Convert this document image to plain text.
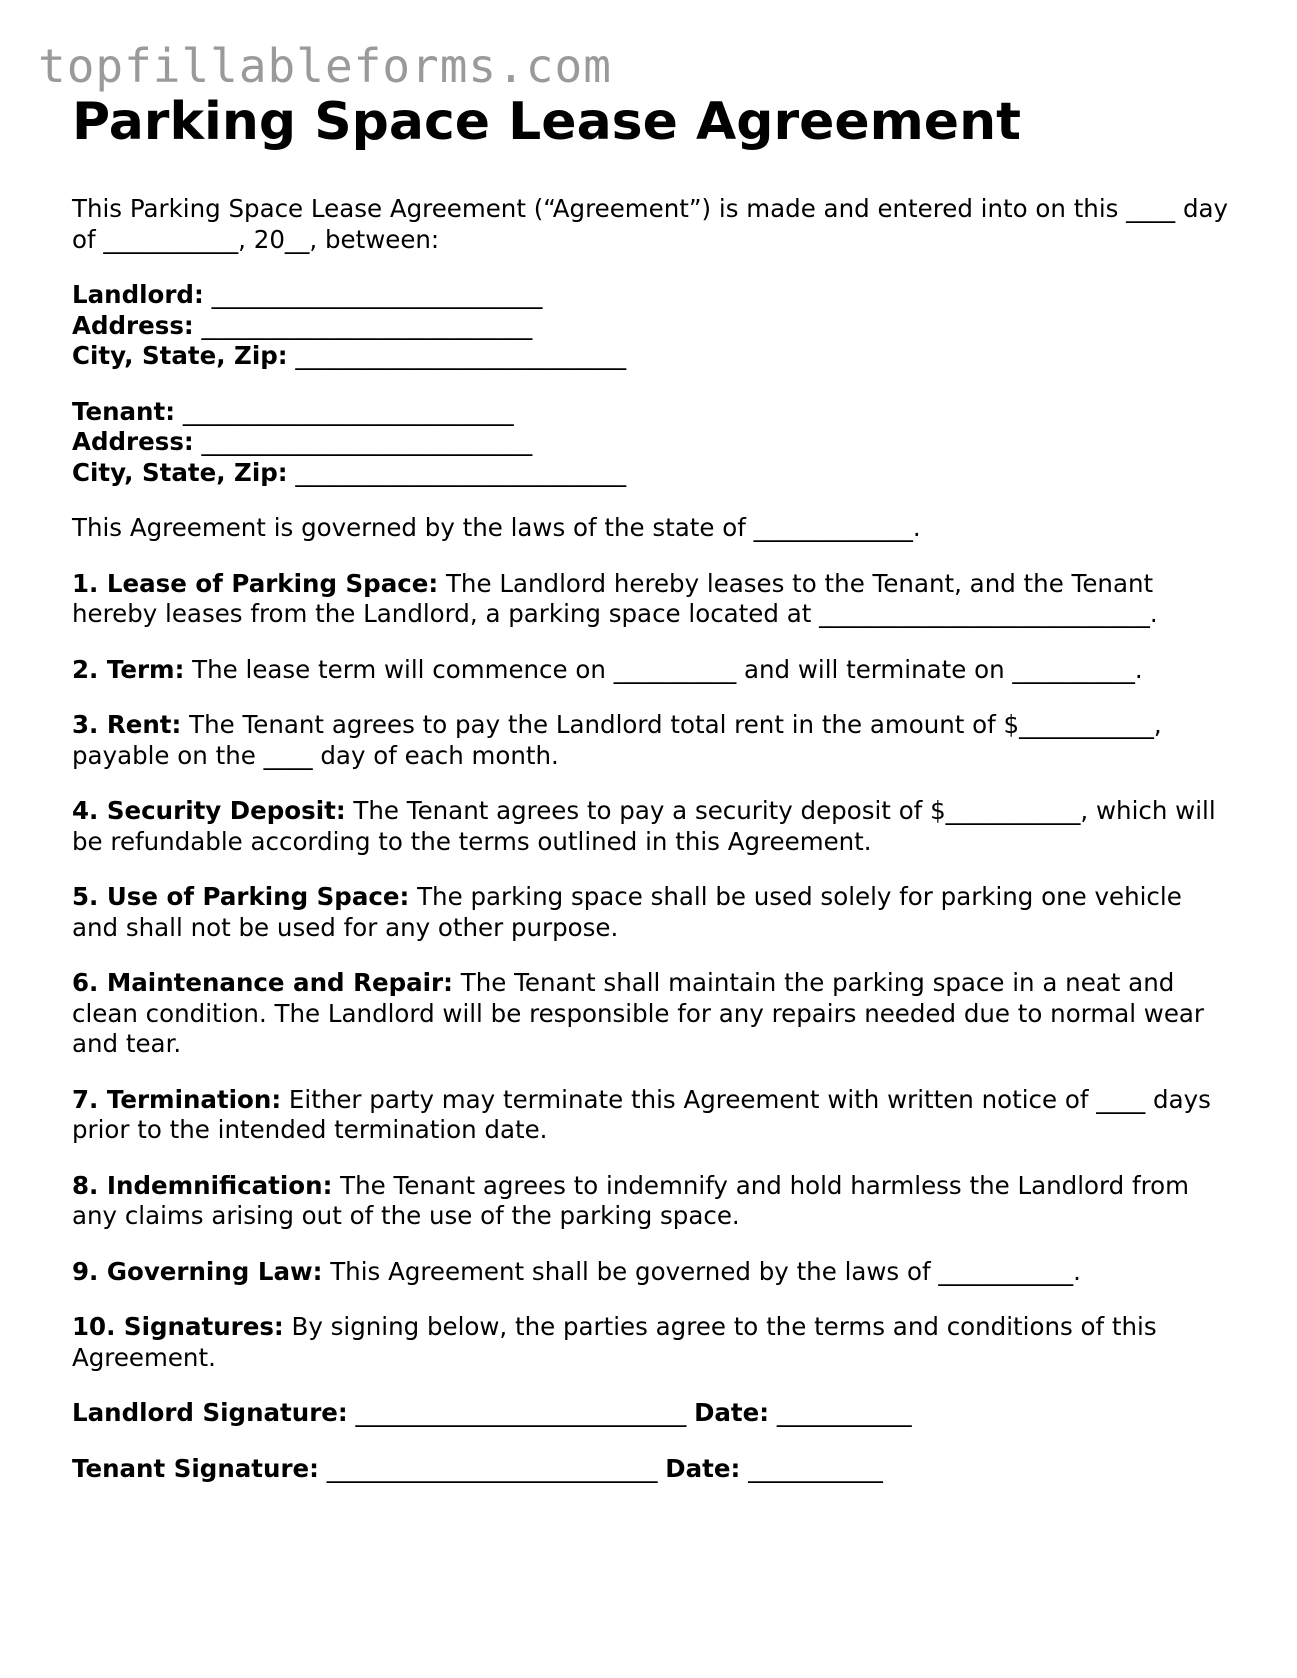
topfillableforms.com
Parking Space Lease Agreement

This Parking Space Lease Agreement (“Agreement”) is made and entered into on this ____ day of ___________, 20__, between:

Landlord: ___________________________

Address: ___________________________

City, State, Zip: ___________________________

Tenant: ___________________________

Address: ___________________________

City, State, Zip: ___________________________

This Agreement is governed by the laws of the state of _____________.

1. Lease of Parking Space: The Landlord hereby leases to the Tenant, and the Tenant hereby leases from the Landlord, a parking space located at ___________________________.

2. Term: The lease term will commence on __________ and will terminate on __________.

3. Rent: The Tenant agrees to pay the Landlord total rent in the amount of $___________, payable on the ____ day of each month.

4. Security Deposit: The Tenant agrees to pay a security deposit of $___________, which will be refundable according to the terms outlined in this Agreement.

5. Use of Parking Space: The parking space shall be used solely for parking one vehicle and shall not be used for any other purpose.

6. Maintenance and Repair: The Tenant shall maintain the parking space in a neat and clean condition. The Landlord will be responsible for any repairs needed due to normal wear and tear.

7. Termination: Either party may terminate this Agreement with written notice of ____ days prior to the intended termination date.

8. Indemnification: The Tenant agrees to indemnify and hold harmless the Landlord from any claims arising out of the use of the parking space.

9. Governing Law: This Agreement shall be governed by the laws of ___________.

10. Signatures: By signing below, the parties agree to the terms and conditions of this Agreement.

Landlord Signature: ___________________________ Date: ___________

Tenant Signature: ___________________________ Date: ___________
